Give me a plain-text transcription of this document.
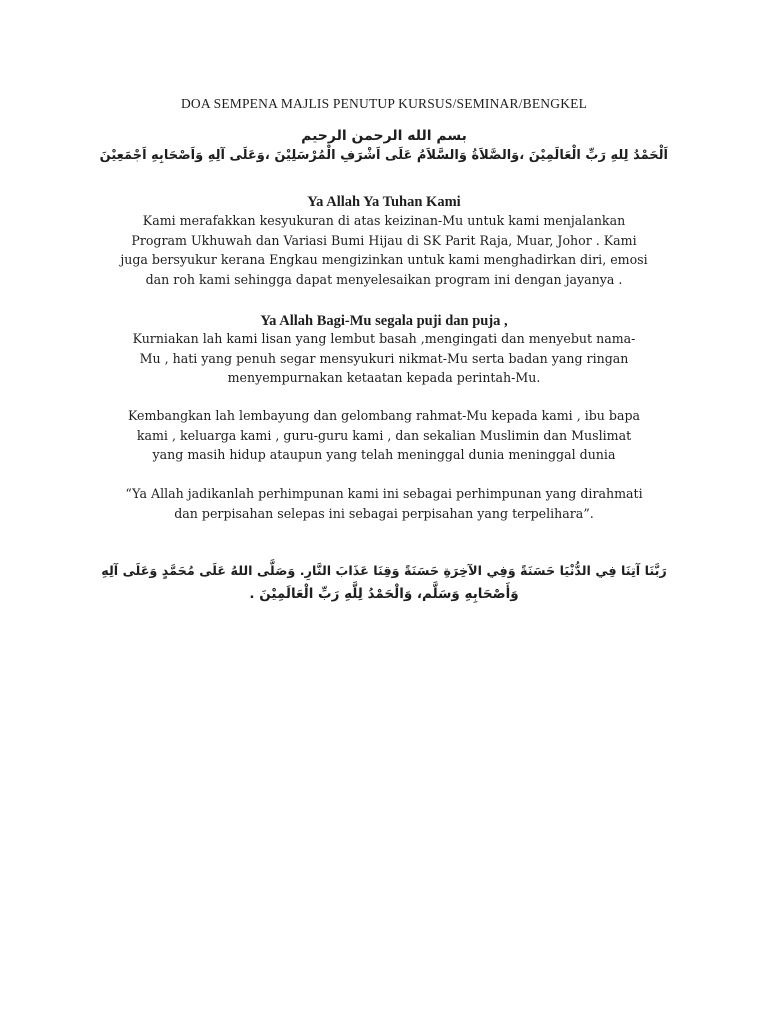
DOA SEMPENA MAJLIS PENUTUP KURSUS/SEMINAR/BENGKEL
بسم الله الرحمن الرحيم
اَلْحَمْدُ لِلهِ رَبِّ الْعَالَمِيْنَ ،وَالصَّلاَةُ وَالسَّلاَمُ عَلَى اَشْرَفِ الْمُرْسَلِيْنَ ،وَعَلَى آلِهِ وَاَصْحَابِهِ اَجْمَعِيْنَ
Ya Allah Ya Tuhan Kami
Kami merafakkan kesyukuran di atas keizinan-Mu untuk kami menjalankan
Program Ukhuwah dan Variasi Bumi Hijau di SK Parit Raja, Muar, Johor . Kami
juga bersyukur kerana Engkau mengizinkan untuk kami menghadirkan diri, emosi
dan roh kami sehingga dapat menyelesaikan program ini dengan jayanya .
Ya Allah Bagi-Mu segala puji dan puja ,
Kurniakan lah kami lisan yang lembut basah ,mengingati dan menyebut nama-
Mu , hati yang penuh segar mensyukuri nikmat-Mu serta badan yang ringan
menyempurnakan ketaatan kepada perintah-Mu.
Kembangkan lah lembayung dan gelombang rahmat-Mu kepada kami , ibu bapa
kami , keluarga kami , guru-guru kami , dan sekalian Muslimin dan Muslimat
yang masih hidup ataupun yang telah meninggal dunia meninggal dunia
“Ya Allah jadikanlah perhimpunan kami ini sebagai perhimpunan yang dirahmati
dan perpisahan selepas ini sebagai perpisahan yang terpelihara”.
رَبَّنَا آتِنَا فِي الدُّنْيَا حَسَنَةً وَفِي الآخِرَةِ حَسَنَةً وَقِنَا عَذَابَ النَّارِ. وَصَلَّى اللهُ عَلَى مُحَمَّدٍ وَعَلَى آلِهِ
وَأَصْحَابِهِ وَسَلَّم، وَالْحَمْدُ لِلَّهِ رَبِّ الْعَالَمِيْنَ .
